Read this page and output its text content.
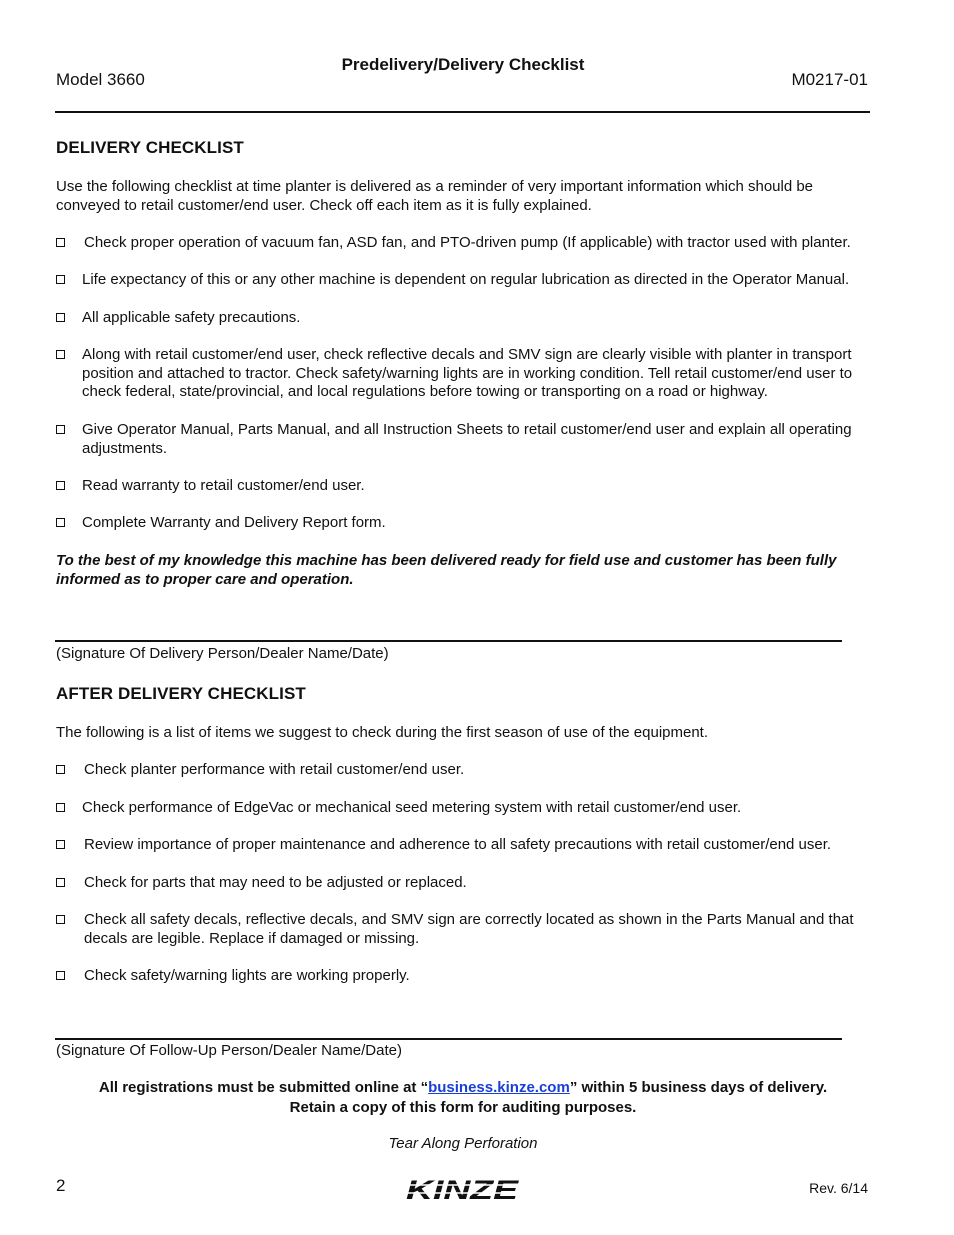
Predelivery/Delivery Checklist
Model 3660	M0217-01
DELIVERY CHECKLIST
Use the following checklist at time planter is delivered as a reminder of very important information which should be conveyed to retail customer/end user. Check off each item as it is fully explained.
Check proper operation of vacuum fan, ASD fan, and PTO-driven pump (If applicable) with tractor used with planter.
Life expectancy of this or any other machine is dependent on regular lubrication as directed in the Operator Manual.
All applicable safety precautions.
Along with retail customer/end user, check reflective decals and SMV sign are clearly visible with planter in transport position and attached to tractor. Check safety/warning lights are in working condition. Tell retail customer/end user to check federal, state/provincial, and local regulations before towing or transporting on a road or highway.
Give Operator Manual, Parts Manual, and all Instruction Sheets to retail customer/end user and explain all operating adjustments.
Read warranty to retail customer/end user.
Complete Warranty and Delivery Report form.
To the best of my knowledge this machine has been delivered ready for field use and customer has been fully informed as to proper care and operation.
(Signature Of Delivery Person/Dealer Name/Date)
AFTER DELIVERY CHECKLIST
The following is a list of items we suggest to check during the first season of use of the equipment.
Check planter performance with retail customer/end user.
Check performance of EdgeVac or mechanical seed metering system with retail customer/end user.
Review importance of proper maintenance and adherence to all safety precautions with retail customer/end user.
Check for parts that may need to be adjusted or replaced.
Check all safety decals, reflective decals, and SMV sign are correctly located as shown in the Parts Manual and that decals are legible. Replace if damaged or missing.
Check safety/warning lights are working properly.
(Signature Of Follow-Up Person/Dealer Name/Date)
All registrations must be submitted online at “business.kinze.com” within 5 business days of delivery.
Retain a copy of this form for auditing purposes.
Tear Along Perforation
2	KINZE	Rev. 6/14
